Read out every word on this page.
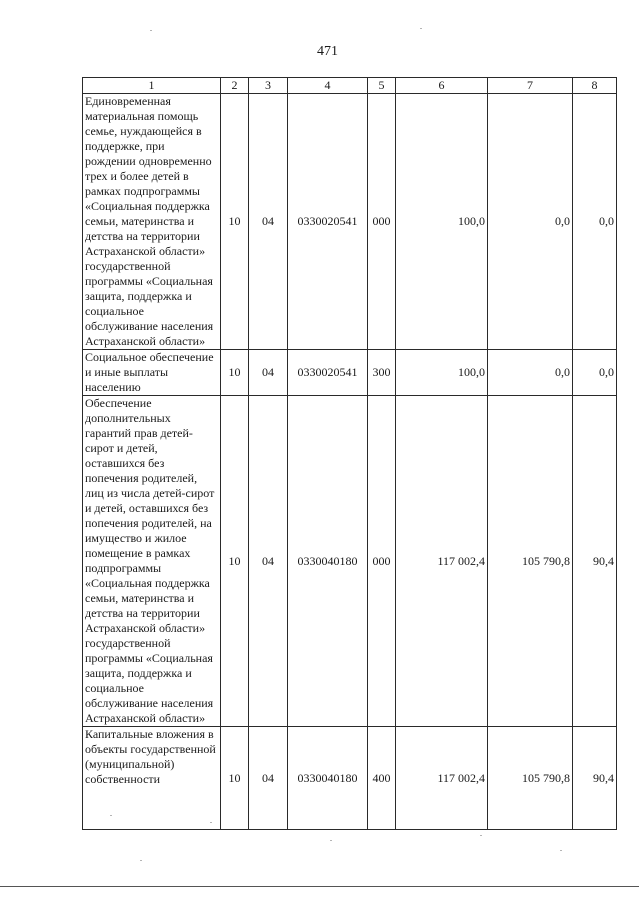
471
1	2	3	4	5	6	7	8
Единовременная материальная помощь семье, нуждающейся в поддержке, при рождении одновременно трех и более детей в рамках подпрограммы «Социальная поддержка семьи, материнства и детства на территории Астраханской области» государственной программы «Социальная защита, поддержка и социальное обслуживание населения Астраханской области»	10	04	0330020541	000	100,0	0,0	0,0
Социальное обеспечение и иные выплаты населению	10	04	0330020541	300	100,0	0,0	0,0
Обеспечение дополнительных гарантий прав детей-сирот и детей, оставшихся без попечения родителей, лиц из числа детей-сирот и детей, оставшихся без попечения родителей, на имущество и жилое помещение в рамках подпрограммы «Социальная поддержка семьи, материнства и детства на территории Астраханской области» государственной программы «Социальная защита, поддержка и социальное обслуживание населения Астраханской области»	10	04	0330040180	000	117 002,4	105 790,8	90,4
Капитальные вложения в объекты государственной (муниципальной) собственности	10	04	0330040180	400	117 002,4	105 790,8	90,4
